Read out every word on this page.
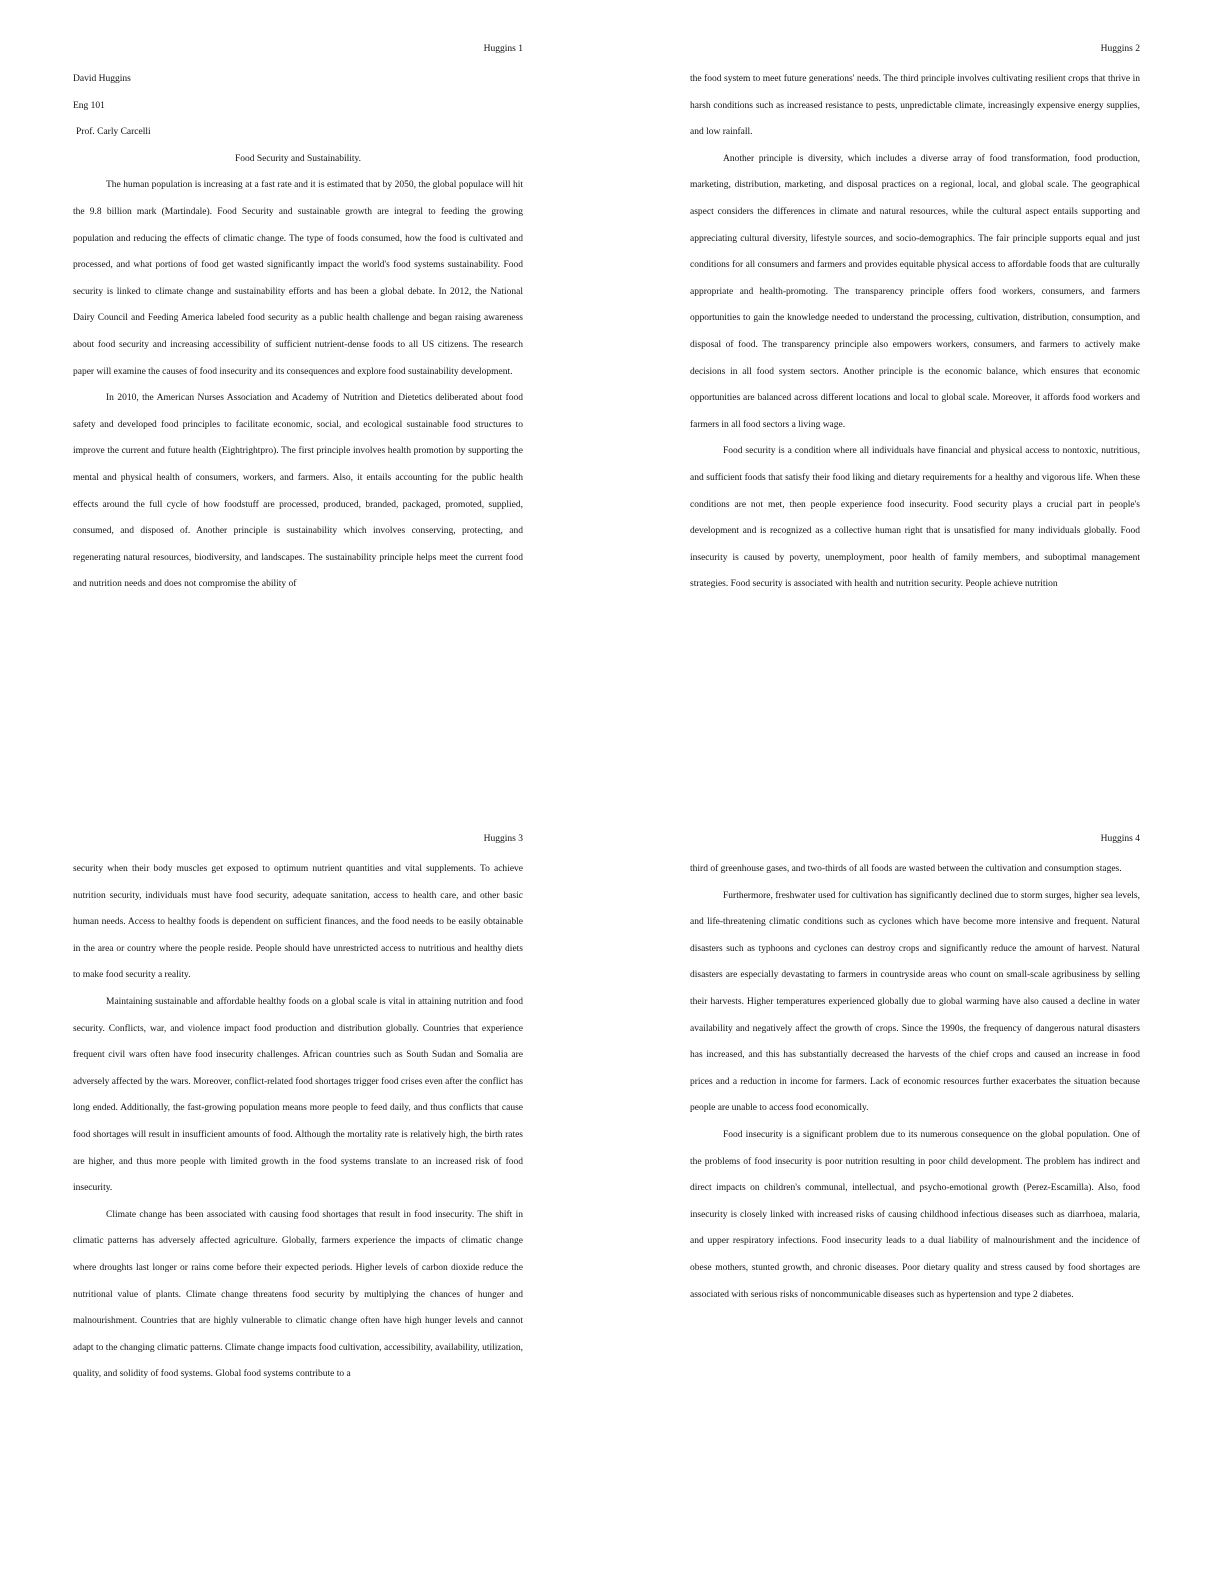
Huggins 1
David Huggins
Eng 101
Prof. Carly Carcelli
Food Security and Sustainability.

The human population is increasing at a fast rate and it is estimated that by 2050, the global populace will hit the 9.8 billion mark (Martindale). Food Security and sustainable growth are integral to feeding the growing population and reducing the effects of climatic change. The type of foods consumed, how the food is cultivated and processed, and what portions of food get wasted significantly impact the world's food systems sustainability. Food security is linked to climate change and sustainability efforts and has been a global debate. In 2012, the National Dairy Council and Feeding America labeled food security as a public health challenge and began raising awareness about food security and increasing accessibility of sufficient nutrient-dense foods to all US citizens. The research paper will examine the causes of food insecurity and its consequences and explore food sustainability development.

In 2010, the American Nurses Association and Academy of Nutrition and Dietetics deliberated about food safety and developed food principles to facilitate economic, social, and ecological sustainable food structures to improve the current and future health (Eightrightpro). The first principle involves health promotion by supporting the mental and physical health of consumers, workers, and farmers. Also, it entails accounting for the public health effects around the full cycle of how foodstuff are processed, produced, branded, packaged, promoted, supplied, consumed, and disposed of. Another principle is sustainability which involves conserving, protecting, and regenerating natural resources, biodiversity, and landscapes. The sustainability principle helps meet the current food and nutrition needs and does not compromise the ability of

Huggins 2

the food system to meet future generations' needs. The third principle involves cultivating resilient crops that thrive in harsh conditions such as increased resistance to pests, unpredictable climate, increasingly expensive energy supplies, and low rainfall.

Another principle is diversity, which includes a diverse array of food transformation, food production, marketing, distribution, marketing, and disposal practices on a regional, local, and global scale. The geographical aspect considers the differences in climate and natural resources, while the cultural aspect entails supporting and appreciating cultural diversity, lifestyle sources, and socio-demographics. The fair principle supports equal and just conditions for all consumers and farmers and provides equitable physical access to affordable foods that are culturally appropriate and health-promoting. The transparency principle offers food workers, consumers, and farmers opportunities to gain the knowledge needed to understand the processing, cultivation, distribution, consumption, and disposal of food. The transparency principle also empowers workers, consumers, and farmers to actively make decisions in all food system sectors. Another principle is the economic balance, which ensures that economic opportunities are balanced across different locations and local to global scale. Moreover, it affords food workers and farmers in all food sectors a living wage.

Food security is a condition where all individuals have financial and physical access to nontoxic, nutritious, and sufficient foods that satisfy their food liking and dietary requirements for a healthy and vigorous life. When these conditions are not met, then people experience food insecurity. Food security plays a crucial part in people's development and is recognized as a collective human right that is unsatisfied for many individuals globally. Food insecurity is caused by poverty, unemployment, poor health of family members, and suboptimal management strategies. Food security is associated with health and nutrition security. People achieve nutrition

Huggins 3

security when their body muscles get exposed to optimum nutrient quantities and vital supplements. To achieve nutrition security, individuals must have food security, adequate sanitation, access to health care, and other basic human needs. Access to healthy foods is dependent on sufficient finances, and the food needs to be easily obtainable in the area or country where the people reside. People should have unrestricted access to nutritious and healthy diets to make food security a reality.

Maintaining sustainable and affordable healthy foods on a global scale is vital in attaining nutrition and food security. Conflicts, war, and violence impact food production and distribution globally. Countries that experience frequent civil wars often have food insecurity challenges. African countries such as South Sudan and Somalia are adversely affected by the wars. Moreover, conflict-related food shortages trigger food crises even after the conflict has long ended. Additionally, the fast-growing population means more people to feed daily, and thus conflicts that cause food shortages will result in insufficient amounts of food. Although the mortality rate is relatively high, the birth rates are higher, and thus more people with limited growth in the food systems translate to an increased risk of food insecurity.

Climate change has been associated with causing food shortages that result in food insecurity. The shift in climatic patterns has adversely affected agriculture. Globally, farmers experience the impacts of climatic change where droughts last longer or rains come before their expected periods. Higher levels of carbon dioxide reduce the nutritional value of plants. Climate change threatens food security by multiplying the chances of hunger and malnourishment. Countries that are highly vulnerable to climatic change often have high hunger levels and cannot adapt to the changing climatic patterns. Climate change impacts food cultivation, accessibility, availability, utilization, quality, and solidity of food systems. Global food systems contribute to a

Huggins 4

third of greenhouse gases, and two-thirds of all foods are wasted between the cultivation and consumption stages.

Furthermore, freshwater used for cultivation has significantly declined due to storm surges, higher sea levels, and life-threatening climatic conditions such as cyclones which have become more intensive and frequent. Natural disasters such as typhoons and cyclones can destroy crops and significantly reduce the amount of harvest. Natural disasters are especially devastating to farmers in countryside areas who count on small-scale agribusiness by selling their harvests. Higher temperatures experienced globally due to global warming have also caused a decline in water availability and negatively affect the growth of crops. Since the 1990s, the frequency of dangerous natural disasters has increased, and this has substantially decreased the harvests of the chief crops and caused an increase in food prices and a reduction in income for farmers. Lack of economic resources further exacerbates the situation because people are unable to access food economically.

Food insecurity is a significant problem due to its numerous consequence on the global population. One of the problems of food insecurity is poor nutrition resulting in poor child development. The problem has indirect and direct impacts on children's communal, intellectual, and psycho-emotional growth (Perez-Escamilla). Also, food insecurity is closely linked with increased risks of causing childhood infectious diseases such as diarrhoea, malaria, and upper respiratory infections. Food insecurity leads to a dual liability of malnourishment and the incidence of obese mothers, stunted growth, and chronic diseases. Poor dietary quality and stress caused by food shortages are associated with serious risks of noncommunicable diseases such as hypertension and type 2 diabetes.
